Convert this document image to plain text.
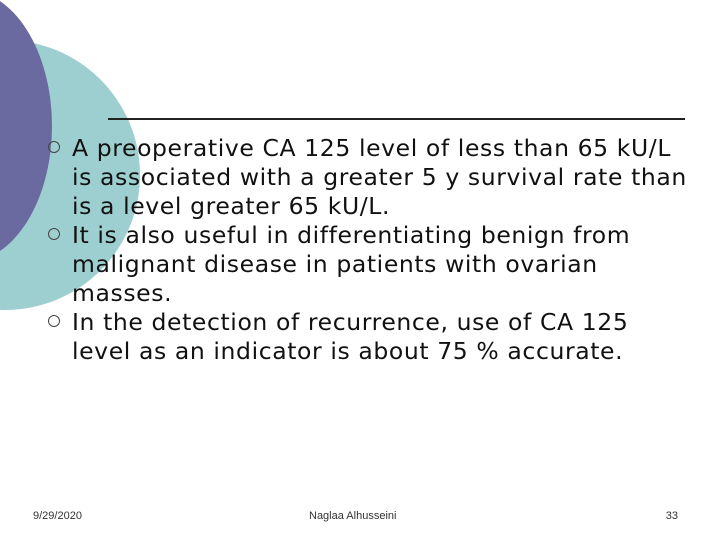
A preoperative CA 125 level of less than 65 kU/L is associated with a greater 5 y survival rate than is a level greater 65 kU/L.
It is also useful in differentiating benign from malignant disease in patients with ovarian masses.
In the detection of recurrence, use of CA 125 level as an indicator is about 75 % accurate.
9/29/2020	Naglaa Alhusseini	33
